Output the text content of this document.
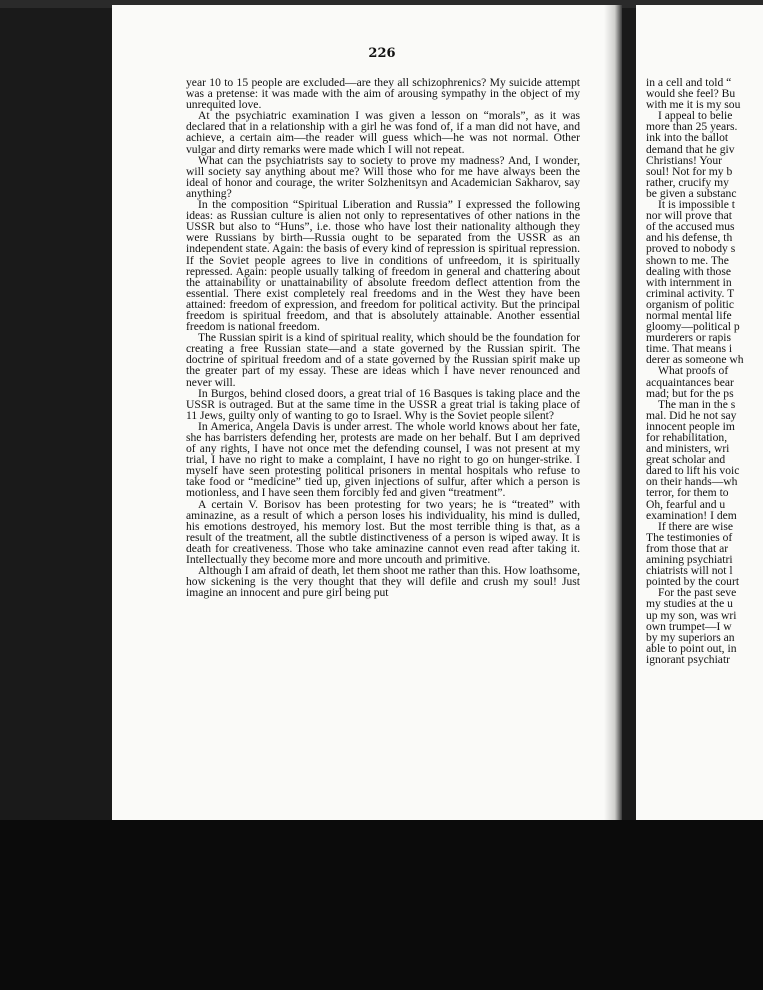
in a cell and told “

would she feel? Bu

with me it is my sou

I appeal to belie

more than 25 years.

ink into the ballot

demand that he giv

Christians! Your

soul! Not for my b

rather, crucify my

be given a substanc

It is impossible t

nor will prove that

of the accused mus

and his defense, th

proved to nobody s

shown to me. The

dealing with those

with internment in

criminal activity. T

organism of politic

normal mental life

gloomy—political p

murderers or rapis

time. That means i

derer as someone wh

What proofs of

acquaintances bear

mad; but for the ps

The man in the s

mal. Did he not say

innocent people im

for rehabilitation,

and ministers, wri

great scholar and

dared to lift his voic

on their hands—wh

terror, for them to

Oh, fearful and u

examination! I dem

If there are wise

The testimonies of

from those that ar

amining psychiatri

chiatrists will not l

pointed by the court

For the past seve

my studies at the u

up my son, was wri

own trumpet—I w

by my superiors an

able to point out, in

ignorant psychiatr

226

year 10 to 15 people are excluded—are they all schizophrenics? My suicide attempt was a pretense: it was made with the aim of arousing sympathy in the object of my unrequited love.

At the psychiatric examination I was given a lesson on “morals”, as it was declared that in a relationship with a girl he was fond of, if a man did not have, and achieve, a certain aim—the reader will guess which—he was not normal. Other vulgar and dirty remarks were made which I will not repeat.

What can the psychiatrists say to society to prove my madness? And, I wonder, will society say anything about me? Will those who for me have always been the ideal of honor and courage, the writer Solzhenitsyn and Academician Sakharov, say anything?

In the composition “Spiritual Liberation and Russia” I expressed the following ideas: as Russian culture is alien not only to representatives of other nations in the USSR but also to “Huns”, i.e. those who have lost their nationality although they were Russians by birth—Russia ought to be separated from the USSR as an independent state. Again: the basis of every kind of repression is spiritual repression. If the Soviet people agrees to live in conditions of unfreedom, it is spiritually repressed. Again: people usually talking of freedom in general and chattering about the attainability or unattainability of absolute freedom deflect attention from the essential. There exist completely real freedoms and in the West they have been attained: freedom of expression, and freedom for political activity. But the principal freedom is spiritual freedom, and that is absolutely attainable. Another essential freedom is national freedom.

The Russian spirit is a kind of spiritual reality, which should be the foundation for creating a free Russian state—and a state governed by the Russian spirit. The doctrine of spiritual freedom and of a state governed by the Russian spirit make up the greater part of my essay. These are ideas which I have never renounced and never will.

In Burgos, behind closed doors, a great trial of 16 Basques is taking place and the USSR is outraged. But at the same time in the USSR a great trial is taking place of 11 Jews, guilty only of wanting to go to Israel. Why is the Soviet people silent?

In America, Angela Davis is under arrest. The whole world knows about her fate, she has barristers defending her, protests are made on her behalf. But I am deprived of any rights, I have not once met the defending counsel, I was not present at my trial, I have no right to make a complaint, I have no right to go on hunger-strike. I myself have seen protesting political prisoners in mental hospitals who refuse to take food or “medicine” tied up, given injections of sulfur, after which a person is motionless, and I have seen them forcibly fed and given “treatment”.

A certain V. Borisov has been protesting for two years; he is “treated” with aminazine, as a result of which a person loses his individuality, his mind is dulled, his emotions destroyed, his memory lost. But the most terrible thing is that, as a result of the treatment, all the subtle distinctiveness of a person is wiped away. It is death for creativeness. Those who take aminazine cannot even read after taking it. Intellectually they become more and more uncouth and primitive.

Although I am afraid of death, let them shoot me rather than this. How loathsome, how sickening is the very thought that they will defile and crush my soul! Just imagine an innocent and pure girl being put
